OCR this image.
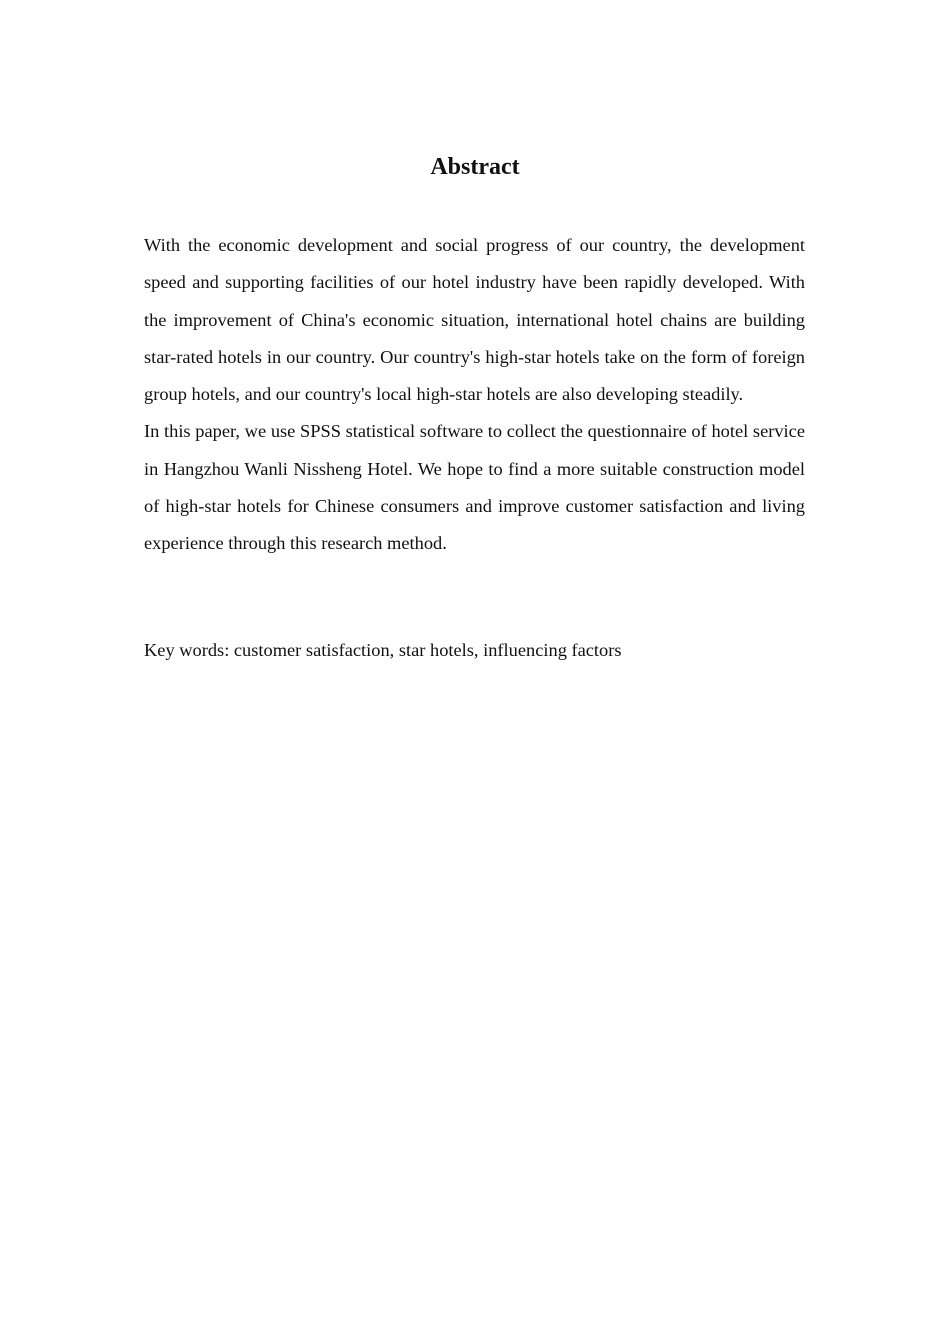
Abstract

With the economic development and social progress of our country, the development speed and supporting facilities of our hotel industry have been rapidly developed. With the improvement of China's economic situation, international hotel chains are building star-rated hotels in our country. Our country's high-star hotels take on the form of foreign group hotels, and our country's local high-star hotels are also developing steadily.

In this paper, we use SPSS statistical software to collect the questionnaire of hotel service in Hangzhou Wanli Nissheng Hotel. We hope to find a more suitable construction model of high-star hotels for Chinese consumers and improve customer satisfaction and living experience through this research method.

Key words: customer satisfaction, star hotels, influencing factors
